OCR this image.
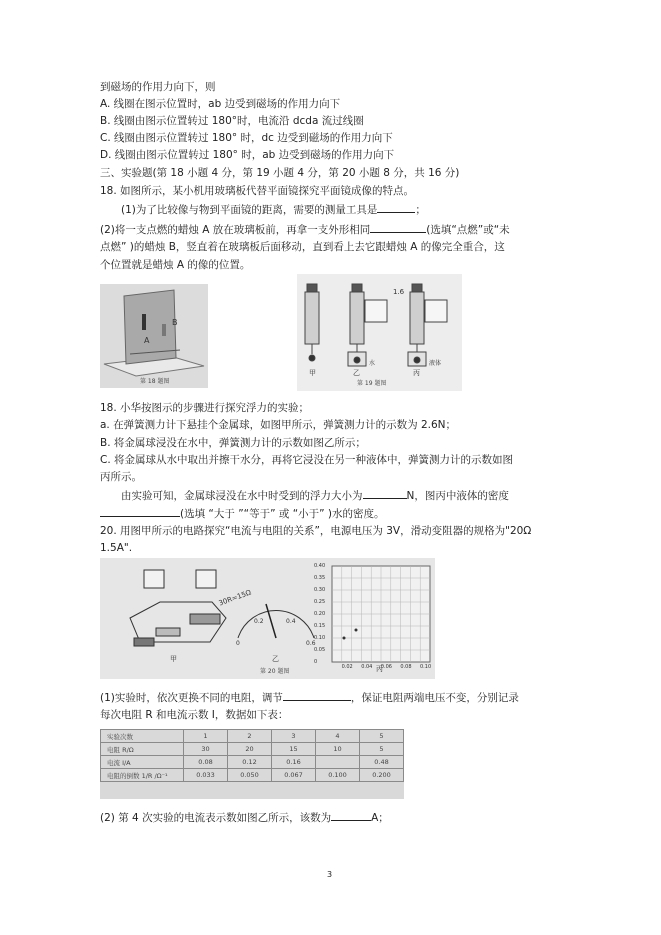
到磁场的作用力向下，则
A. 线圈在图示位置时，ab 边受到磁场的作用力向下
B. 线圈由图示位置转过 180°时，电流沿 dcda 流过线圈
C. 线圈由图示位置转过 180° 时，dc 边受到磁场的作用力向下
D. 线圈由图示位置转过 180° 时，ab 边受到磁场的作用力向下
三、实验题(第 18 小题 4 分，第 19 小题 4 分，第 20 小题 8 分，共 16 分)
18. 如图所示，某小机用玻璃板代替平面镜探究平面镜成像的特点。
(1)为了比较像与物到平面镜的距离，需要的测量工具是	；
(2)将一支点燃的蜡烛 A 放在玻璃板前，再拿一支外形相同	(选填“点燃”或“未
点燃” )的蜡烛 B，竖直着在玻璃板后面移动，直到看上去它跟蜡烛 A 的像完全重合，这
个位置就是蜡烛 A 的像的位置。
A
B
第 18 题图
1.6
甲	乙
水
丙
液体
第 19 题图
18. 小华按图示的步骤进行探究浮力的实验；
a. 在弹簧测力计下悬挂个金属球，如图甲所示，弹簧测力计的示数为 2.6N；
B. 将金属球浸没在水中，弹簧测力计的示数如图乙所示；
C. 将金属球从水中取出并擦干水分，再将它浸没在另一种液体中，弹簧测力计的示数如图
丙所示。
由实验可知，金属球浸没在水中时受到的浮力大小为	N，图丙中液体的密度
(选填 “大于 ”“等于” 或 “小于” )水的密度。
20. 用图甲所示的电路探究“电流与电阻的关系”，电源电压为 3V，滑动变阻器的规格为"20Ω
1.5A".
30R=15Ω
0
0.2	0.4
0.6
甲	乙
丙
第 20 题图
0.40
0.35
0.30
0.25
0.20
0.15
0.10
0.05
0
0.02 0.04 0.06 0.08 0.10
(1)实验时，依次更换不同的电阻，调节	，保证电阻两端电压不变，分别记录
每次电阻 R 和电流示数 I，数据如下表：
实验次数	1	2	3	4	5
电阻 R/Ω	30	20	15	10	5
电流 I/A	0.08	0.12	0.16		0.48
电阻的倒数 1/R /Ω⁻¹	0.033	0.050	0.067	0.100	0.200
(2) 第 4 次实验的电流表示数如图乙所示，该数为	A；
3
